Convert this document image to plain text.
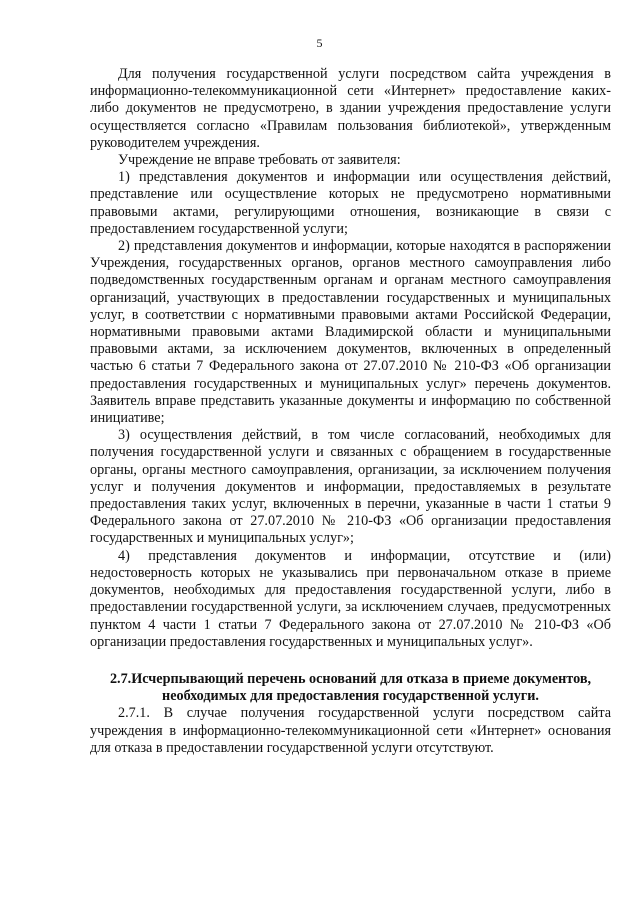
5

Для получения государственной услуги посредством сайта учреждения в информационно-телекоммуникационной сети «Интернет» предоставление каких-либо документов не предусмотрено, в здании учреждения предоставление услуги осуществляется согласно «Правилам пользования библиотекой», утвержденным руководителем учреждения.

Учреждение не вправе требовать от заявителя:

1) представления документов и информации или осуществления действий, представление или осуществление которых не предусмотрено нормативными правовыми актами, регулирующими отношения, возникающие в связи с предоставлением государственной услуги;

2) представления документов и информации, которые находятся в распоряжении Учреждения, государственных органов, органов местного самоуправления либо подведомственных государственным органам и органам местного самоуправления организаций, участвующих в предоставлении государственных и муниципальных услуг, в соответствии с нормативными правовыми актами Российской Федерации, нормативными правовыми актами Владимирской области и муниципальными правовыми актами, за исключением документов, включенных в определенный частью 6 статьи 7 Федерального закона от 27.07.2010 № 210-ФЗ «Об организации предоставления государственных и муниципальных услуг» перечень документов. Заявитель вправе представить указанные документы и информацию по собственной инициативе;

3) осуществления действий, в том числе согласований, необходимых для получения государственной услуги и связанных с обращением в государственные органы, органы местного самоуправления, организации, за исключением получения услуг и получения документов и информации, предоставляемых в результате предоставления таких услуг, включенных в перечни, указанные в части 1 статьи 9 Федерального закона от 27.07.2010 № 210-ФЗ «Об организации предоставления государственных и муниципальных услуг»;

4) представления документов и информации, отсутствие и (или) недостоверность которых не указывались при первоначальном отказе в приеме документов, необходимых для предоставления государственной услуги, либо в предоставлении государственной услуги, за исключением случаев, предусмотренных пунктом 4 части 1 статьи 7 Федерального закона от 27.07.2010 № 210-ФЗ «Об организации предоставления государственных и муниципальных услуг».

2.7.Исчерпывающий перечень оснований для отказа в приеме документов, необходимых для предоставления государственной услуги.

2.7.1. В случае получения государственной услуги посредством сайта учреждения в информационно-телекоммуникационной сети «Интернет» основания для отказа в предоставлении государственной услуги отсутствуют.
